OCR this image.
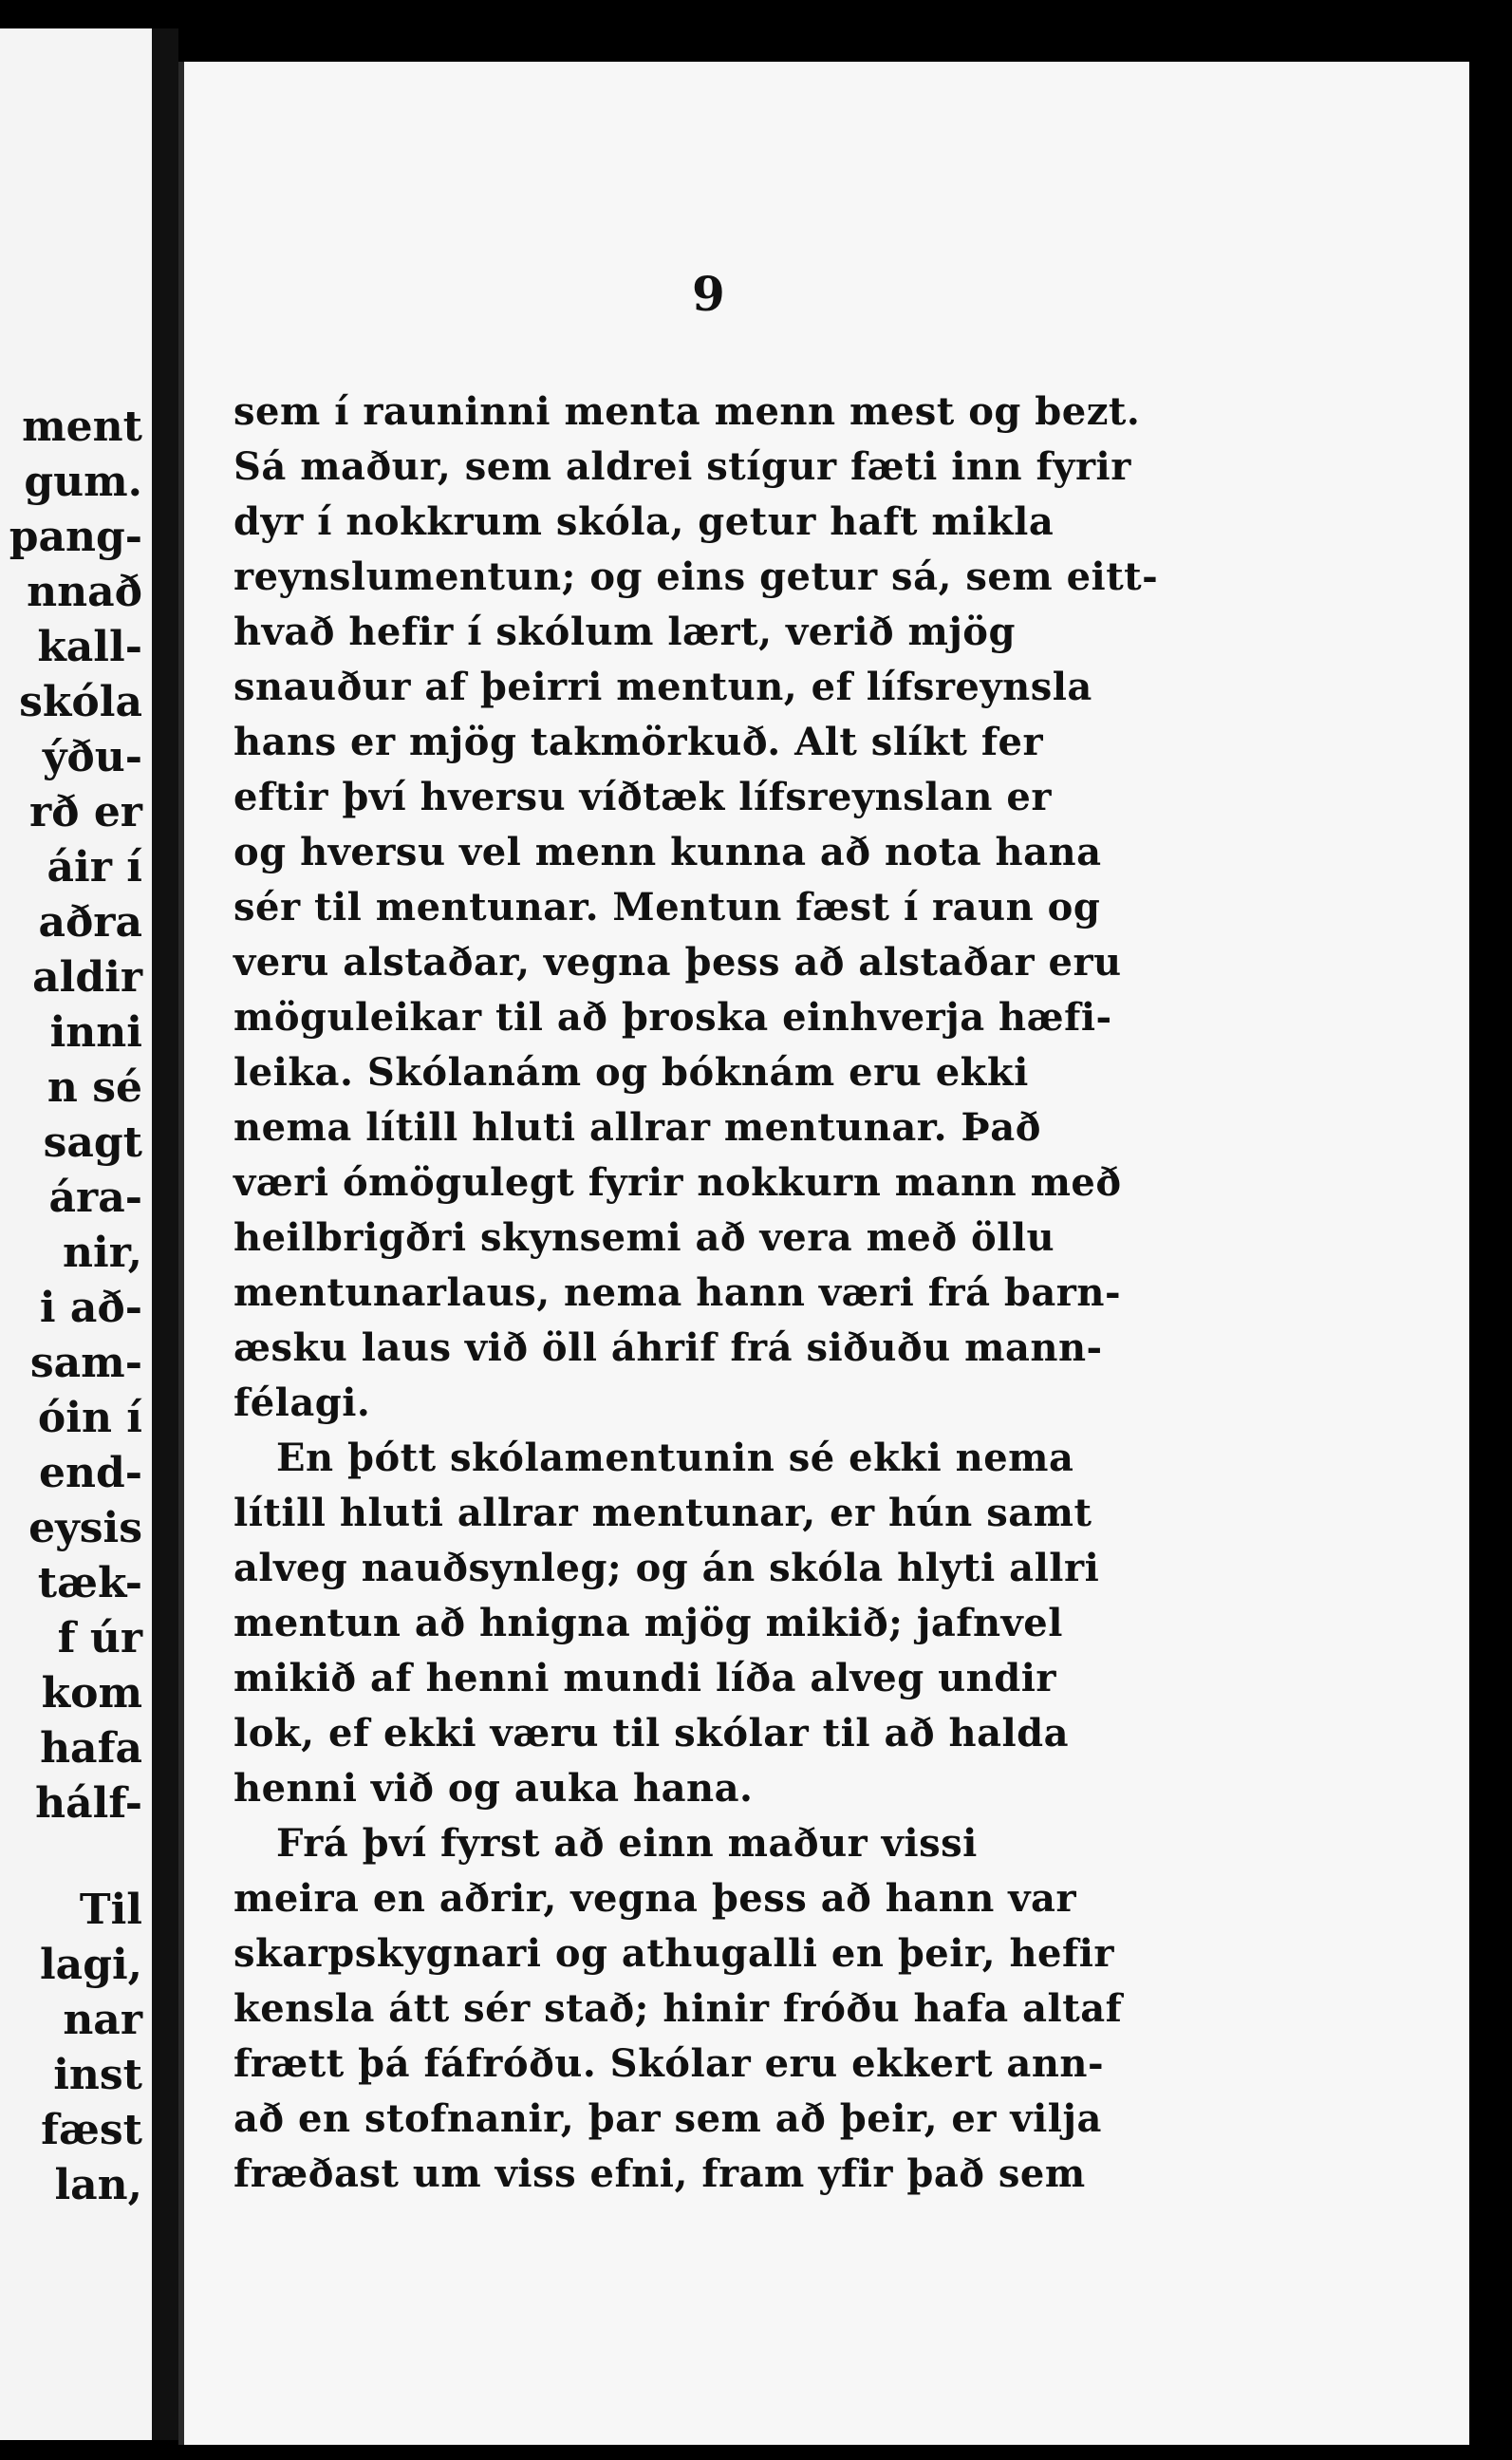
ment
gum.
pang-
nnað
kall-
skóla
ýðu-
rð er
áir í
aðra
aldir
inni
n sé
sagt
ára-
nir,
i að-
sam-
óin í
end-
eysis
tæk-
f úr
kom
hafa
hálf-
Til
lagi,
nar
inst
fæst
lan,
9
sem í rauninni menta menn mest og bezt.
Sá maður, sem aldrei stígur fæti inn fyrir
dyr í nokkrum skóla, getur haft mikla
reynslumentun; og eins getur sá, sem eitt-
hvað hefir í skólum lært, verið mjög
snauður af þeirri mentun, ef lífsreynsla
hans er mjög takmörkuð. Alt slíkt fer
eftir því hversu víðtæk lífsreynslan er
og hversu vel menn kunna að nota hana
sér til mentunar. Mentun fæst í raun og
veru alstaðar, vegna þess að alstaðar eru
möguleikar til að þroska einhverja hæfi-
leika. Skólanám og bóknám eru ekki
nema lítill hluti allrar mentunar. Það
væri ómögulegt fyrir nokkurn mann með
heilbrigðri skynsemi að vera með öllu
mentunarlaus, nema hann væri frá barn-
æsku laus við öll áhrif frá siðuðu mann-
félagi.
En þótt skólamentunin sé ekki nema
lítill hluti allrar mentunar, er hún samt
alveg nauðsynleg; og án skóla hlyti allri
mentun að hnigna mjög mikið; jafnvel
mikið af henni mundi líða alveg undir
lok, ef ekki væru til skólar til að halda
henni við og auka hana.
Frá því fyrst að einn maður vissi
meira en aðrir, vegna þess að hann var
skarpskygnari og athugalli en þeir, hefir
kensla átt sér stað; hinir fróðu hafa altaf
frætt þá fáfróðu. Skólar eru ekkert ann-
að en stofnanir, þar sem að þeir, er vilja
fræðast um viss efni, fram yfir það sem
